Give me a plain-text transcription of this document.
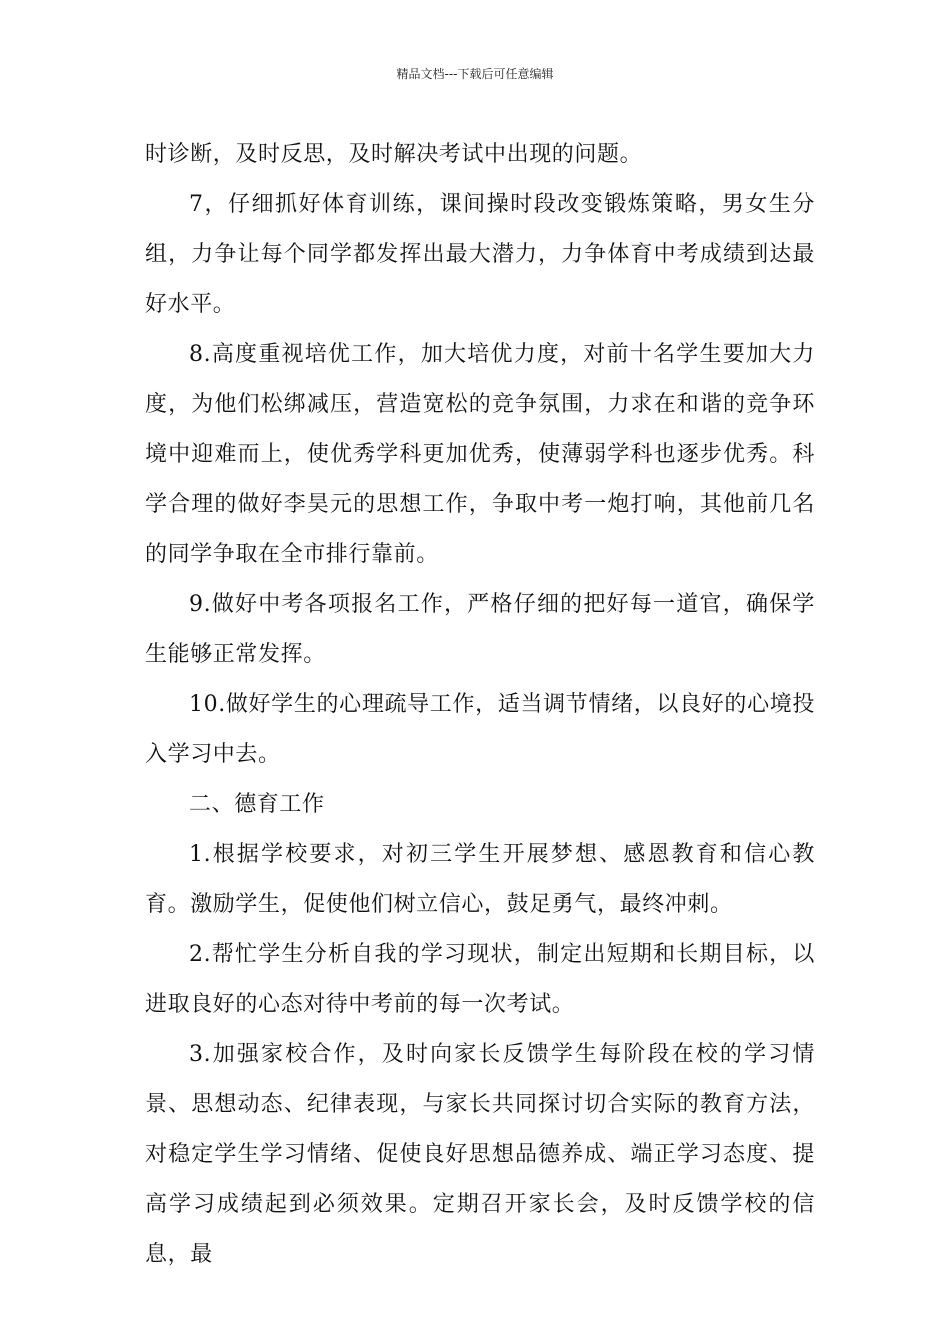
精品文档---下载后可任意编辑

时诊断，及时反思，及时解决考试中出现的问题。

7，仔细抓好体育训练，课间操时段改变锻炼策略，男女生分组，力争让每个同学都发挥出最大潜力，力争体育中考成绩到达最好水平。

8.高度重视培优工作，加大培优力度，对前十名学生要加大力度，为他们松绑减压，营造宽松的竞争氛围，力求在和谐的竞争环境中迎难而上，使优秀学科更加优秀，使薄弱学科也逐步优秀。科学合理的做好李昊元的思想工作，争取中考一炮打响，其他前几名的同学争取在全市排行靠前。

9.做好中考各项报名工作，严格仔细的把好每一道官，确保学生能够正常发挥。

10.做好学生的心理疏导工作，适当调节情绪，以良好的心境投入学习中去。

二、德育工作

1.根据学校要求，对初三学生开展梦想、感恩教育和信心教育。激励学生，促使他们树立信心，鼓足勇气，最终冲刺。

2.帮忙学生分析自我的学习现状，制定出短期和长期目标，以进取良好的心态对待中考前的每一次考试。

3.加强家校合作，及时向家长反馈学生每阶段在校的学习情景、思想动态、纪律表现，与家长共同探讨切合实际的教育方法，对稳定学生学习情绪、促使良好思想品德养成、端正学习态度、提高学习成绩起到必须效果。定期召开家长会，及时反馈学校的信息，最
